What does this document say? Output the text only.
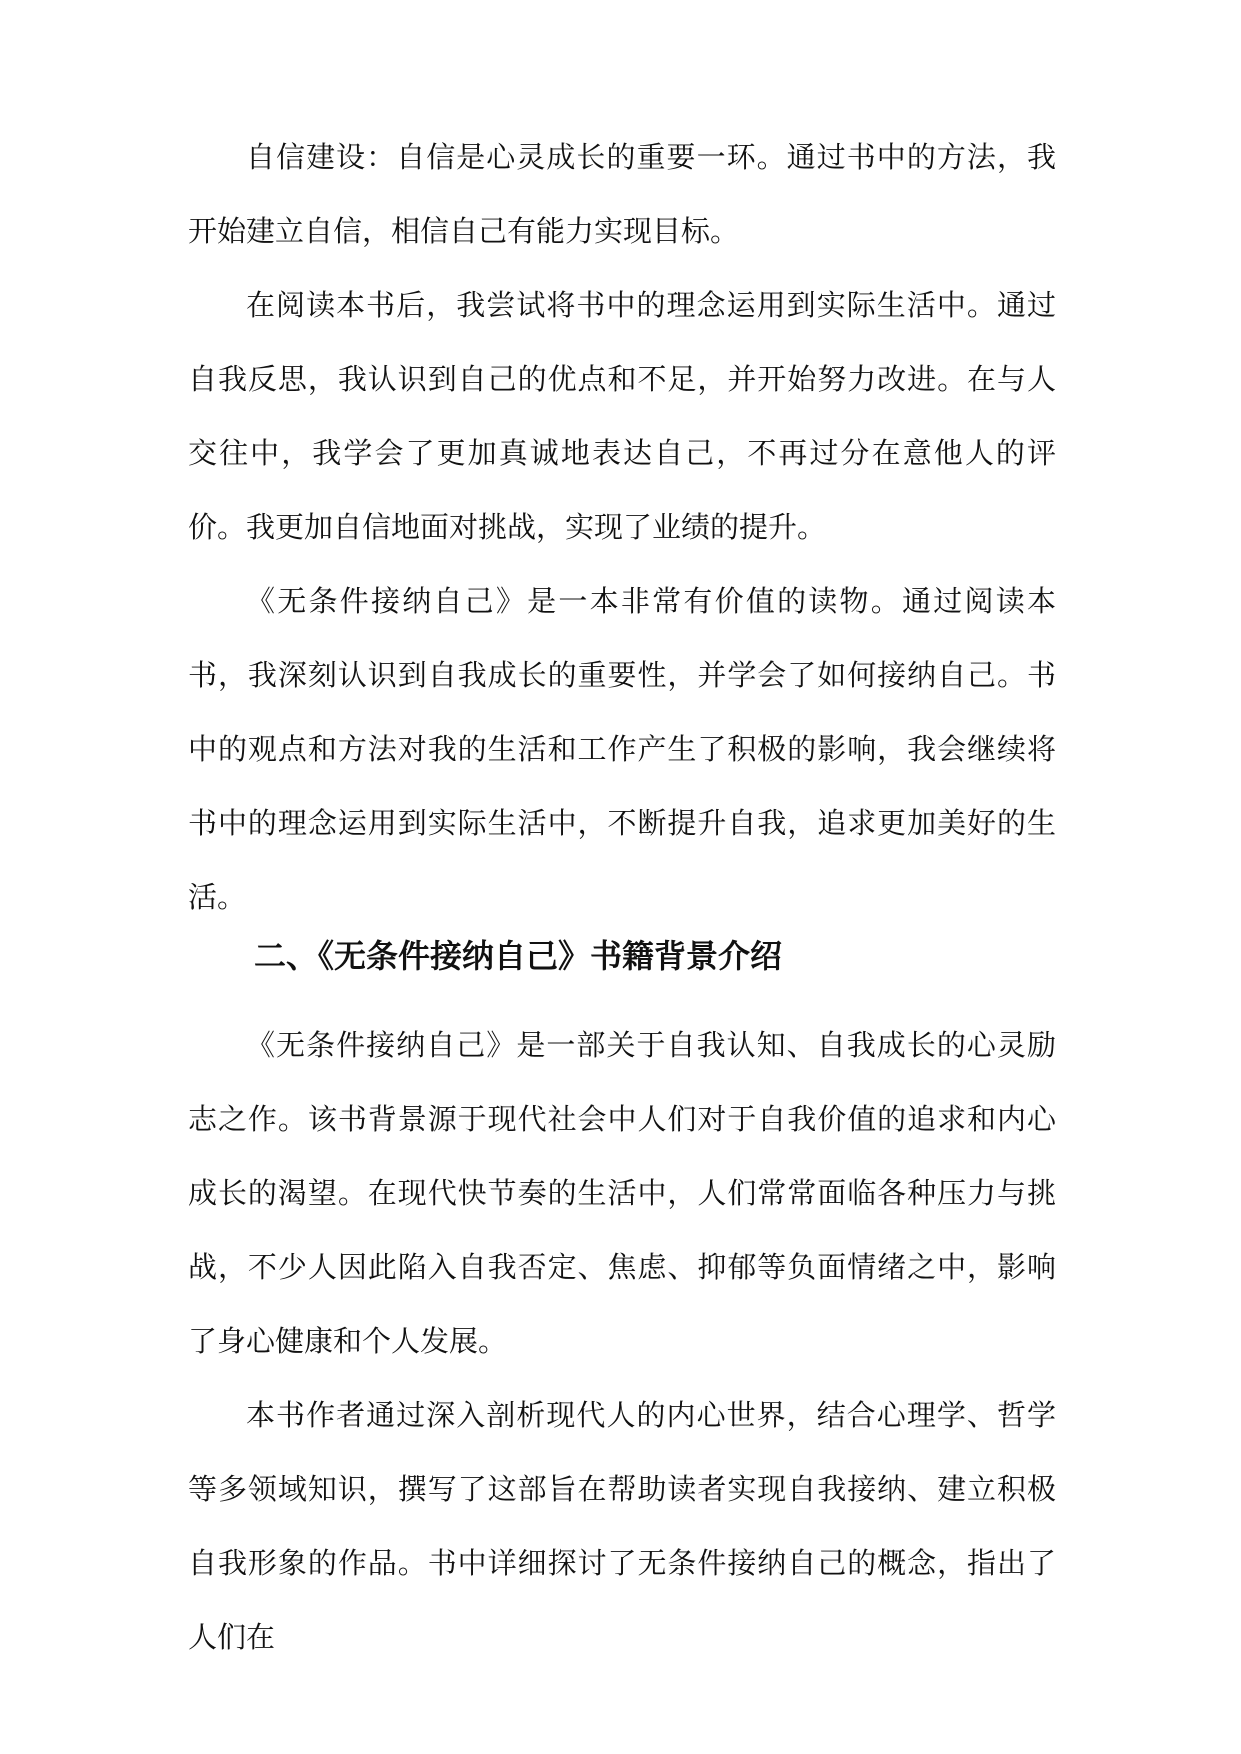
自信建设：自信是心灵成长的重要一环。通过书中的方法，我开始建立自信，相信自己有能力实现目标。

在阅读本书后，我尝试将书中的理念运用到实际生活中。通过自我反思，我认识到自己的优点和不足，并开始努力改进。在与人交往中，我学会了更加真诚地表达自己，不再过分在意他人的评价。我更加自信地面对挑战，实现了业绩的提升。

《无条件接纳自己》是一本非常有价值的读物。通过阅读本书，我深刻认识到自我成长的重要性，并学会了如何接纳自己。书中的观点和方法对我的生活和工作产生了积极的影响，我会继续将书中的理念运用到实际生活中，不断提升自我，追求更加美好的生活。

二、《无条件接纳自己》书籍背景介绍

《无条件接纳自己》是一部关于自我认知、自我成长的心灵励志之作。该书背景源于现代社会中人们对于自我价值的追求和内心成长的渴望。在现代快节奏的生活中，人们常常面临各种压力与挑战，不少人因此陷入自我否定、焦虑、抑郁等负面情绪之中，影响了身心健康和个人发展。

本书作者通过深入剖析现代人的内心世界，结合心理学、哲学等多领域知识，撰写了这部旨在帮助读者实现自我接纳、建立积极自我形象的作品。书中详细探讨了无条件接纳自己的概念，指出了人们在
